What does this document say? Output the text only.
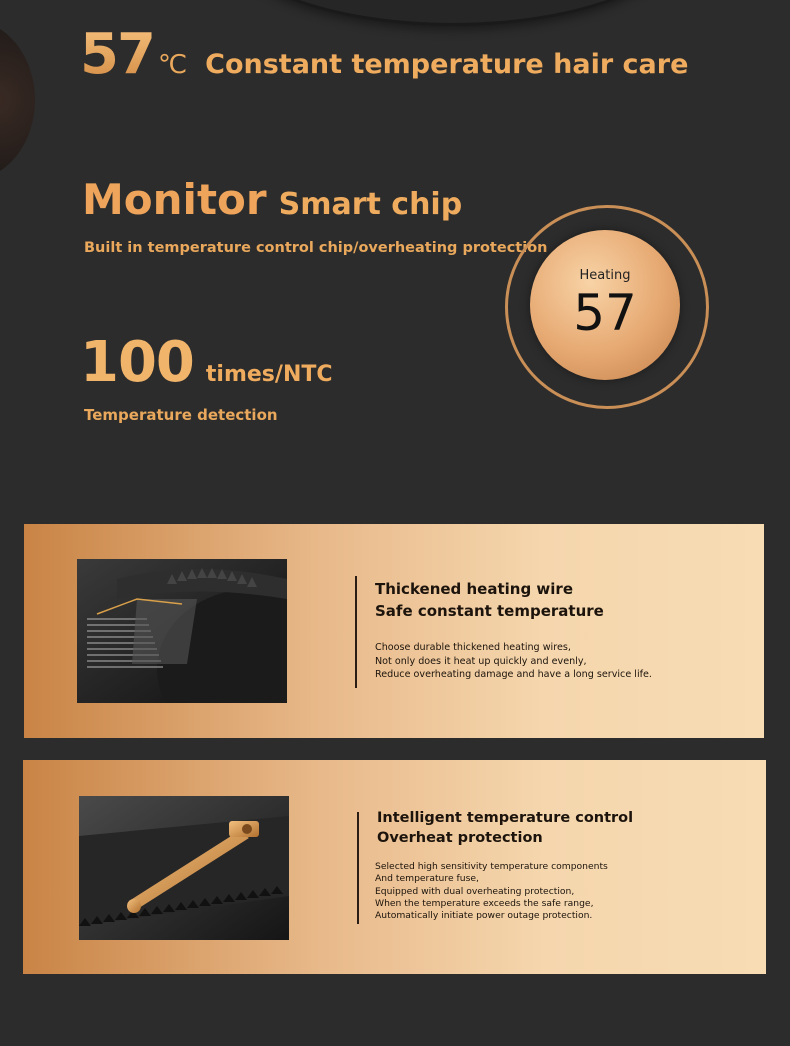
57 ℃ Constant temperature hair care
Monitor Smart chip
Built in temperature control chip/overheating protection
100 times/NTC
Temperature detection
Heating
57
Thickened heating wire
Safe constant temperature
Choose durable thickened heating wires,
Not only does it heat up quickly and evenly,
Reduce overheating damage and have a long service life.
Intelligent temperature control
Overheat protection
Selected high sensitivity temperature components
And temperature fuse,
Equipped with dual overheating protection,
When the temperature exceeds the safe range,
Automatically initiate power outage protection.
